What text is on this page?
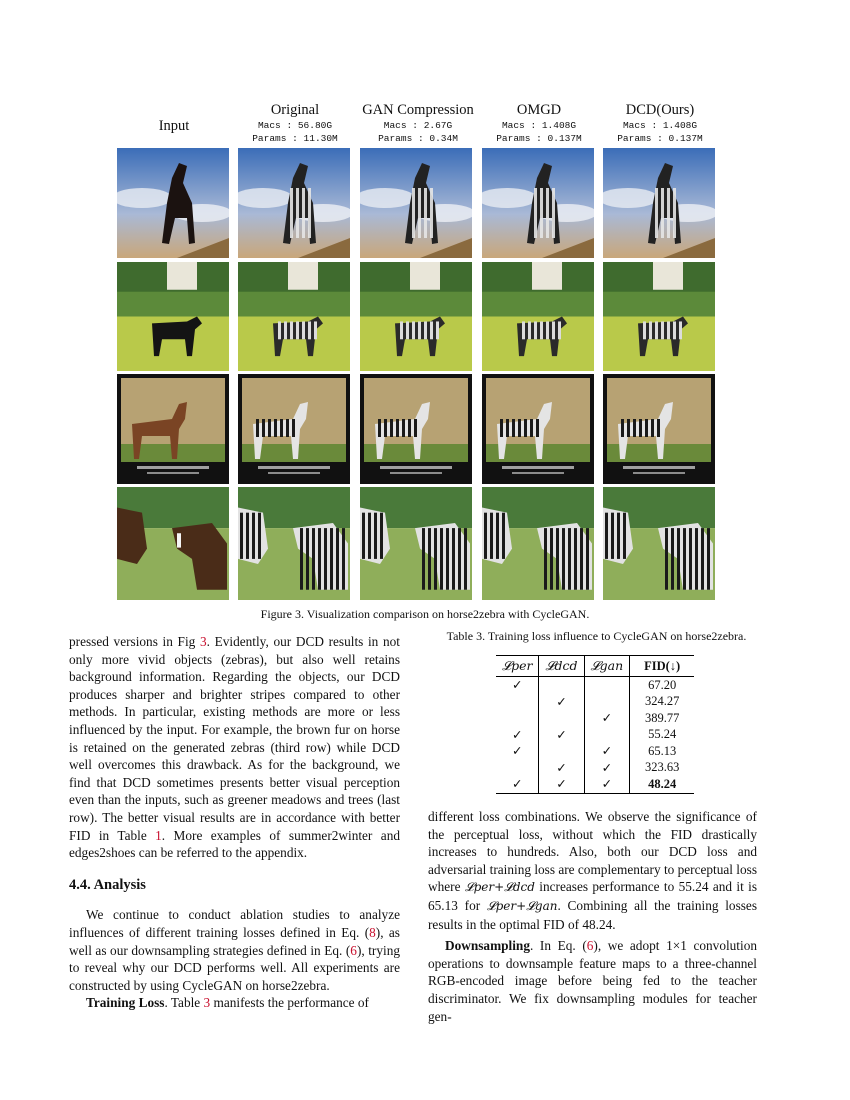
Input
Original
Macs : 56.80G
Params : 11.30M
GAN Compression
Macs : 2.67G
Params : 0.34M
OMGD
Macs : 1.408G
Params : 0.137M
DCD(Ours)
Macs : 1.408G
Params : 0.137M
Figure 3. Visualization comparison on horse2zebra with CycleGAN.

pressed versions in Fig 3. Evidently, our DCD results in not only more vivid objects (zebras), but also well retains background information. Regarding the objects, our DCD produces sharper and brighter stripes compared to other methods. In particular, existing methods are more or less influenced by the input. For example, the brown fur on horse is retained on the generated zebras (third row) while DCD well overcomes this drawback. As for the background, we find that DCD sometimes presents better visual perception even than the inputs, such as greener meadows and trees (last row). The better visual results are in accordance with better FID in Table 1. More examples of summer2winter and edges2shoes can be referred to the appendix.

4.4. Analysis

We continue to conduct ablation studies to analyze influences of different training losses defined in Eq. (8), as well as our downsampling strategies defined in Eq. (6), trying to reveal why our DCD performs well. All experiments are constructed by using CycleGAN on horse2zebra.

Training Loss. Table 3 manifests the performance of

Table 3. Training loss influence to CycleGAN on horse2zebra.
𝓛per	𝓛dcd	𝓛gan	FID(↓)
✓			67.20
	✓		324.27
		✓	389.77
✓	✓		55.24
✓		✓	65.13
	✓	✓	323.63
✓	✓	✓	48.24

different loss combinations. We observe the significance of the perceptual loss, without which the FID drastically increases to hundreds. Also, both our DCD loss and adversarial training loss are complementary to perceptual loss where 𝓛per+𝓛dcd increases performance to 55.24 and it is 65.13 for 𝓛per+𝓛gan. Combining all the training losses results in the optimal FID of 48.24.

Downsampling. In Eq. (6), we adopt 1×1 convolution operations to downsample feature maps to a three-channel RGB-encoded image before being fed to the teacher discriminator. We fix downsampling modules for teacher gen-
